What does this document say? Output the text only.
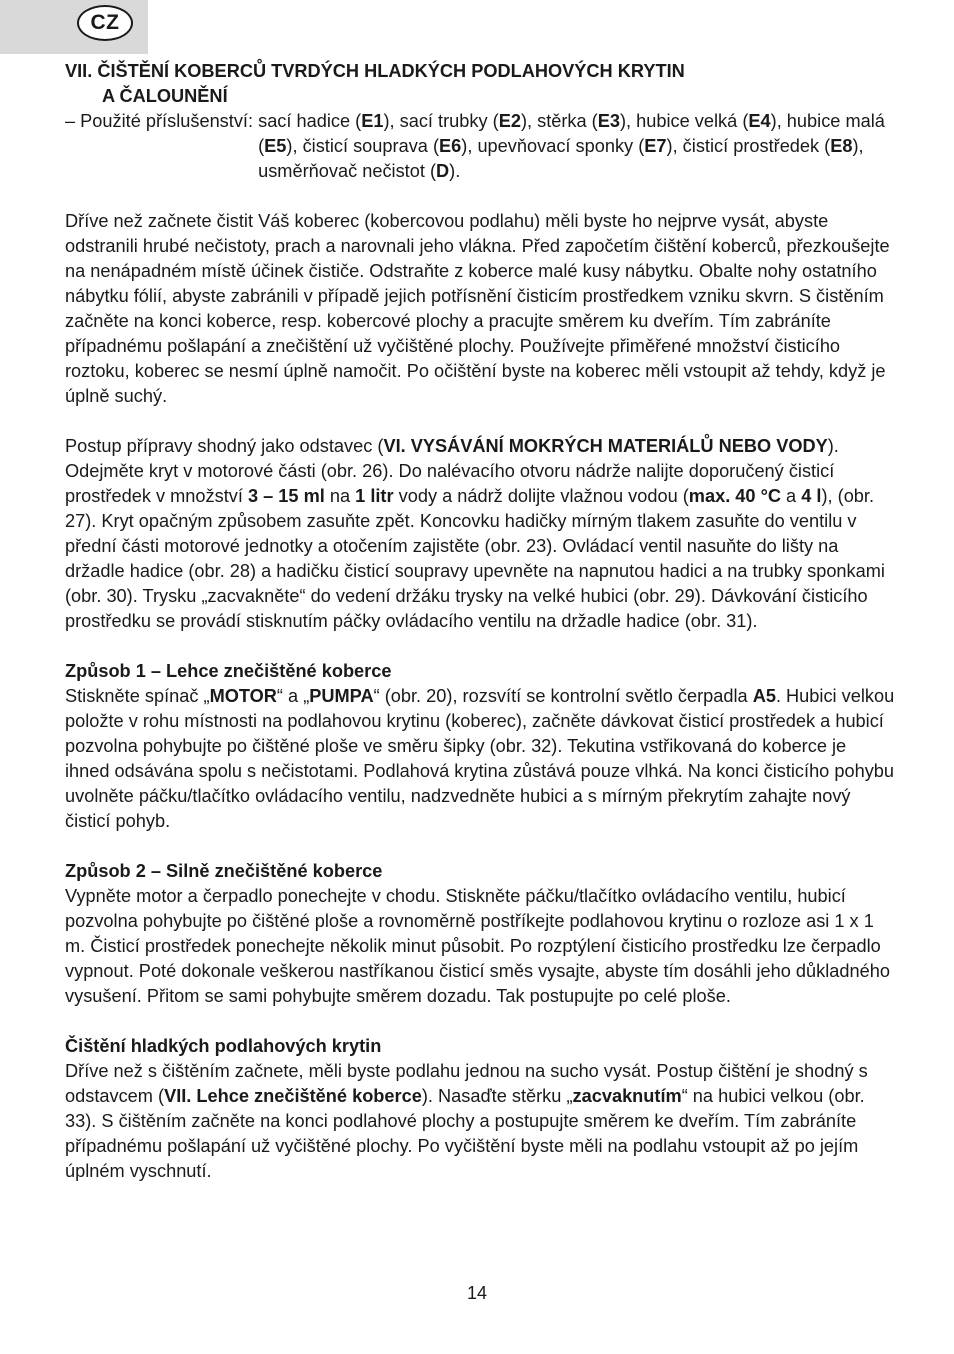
CZ

VII. ČIŠTĚNÍ KOBERCŮ TVRDÝCH HLADKÝCH PODLAHOVÝCH KRYTIN

A ČALOUNĚNÍ

– Použité příslušenství: sací hadice (E1), sací trubky (E2), stěrka (E3), hubice velká (E4), hubice malá (E5), čisticí souprava (E6), upevňovací sponky (E7), čisticí prostředek (E8), usměrňovač nečistot (D).

Dříve než začnete čistit Váš koberec (kobercovou podlahu) měli byste ho nejprve vysát, abyste odstranili hrubé nečistoty, prach a narovnali jeho vlákna. Před započetím čištění koberců, přezkoušejte na nenápadném místě účinek čističe. Odstraňte z koberce malé kusy nábytku. Obalte nohy ostatního nábytku fólií, abyste zabránili v případě jejich potřísnění čisticím prostředkem vzniku skvrn. S čistěním začněte na konci koberce, resp. kobercové plochy a pracujte směrem ku dveřím. Tím zabráníte případnému pošlapání a znečištění už vyčištěné plochy. Používejte přiměřené množství čisticího roztoku, koberec se nesmí úplně namočit. Po očištění byste na koberec měli vstoupit až tehdy, když je úplně suchý.

Postup přípravy shodný jako odstavec (VI. VYSÁVÁNÍ MOKRÝCH MATERIÁLŮ NEBO VODY). Odejměte kryt v motorové části (obr. 26). Do nalévacího otvoru nádrže nalijte doporučený čisticí prostředek v množství 3 – 15 ml na 1 litr vody a nádrž dolijte vlažnou vodou (max. 40 °C a 4 l), (obr. 27). Kryt opačným způsobem zasuňte zpět. Koncovku hadičky mírným tlakem zasuňte do ventilu v přední části motorové jednotky a otočením zajistěte (obr. 23). Ovládací ventil nasuňte do lišty na držadle hadice (obr. 28) a hadičku čisticí soupravy upevněte na napnutou hadici a na trubky sponkami (obr. 30). Trysku „zacvakněte“ do vedení držáku trysky na velké hubici (obr. 29). Dávkování čisticího prostředku se provádí stisknutím páčky ovládacího ventilu na držadle hadice (obr. 31).

Způsob 1 – Lehce znečištěné koberce

Stiskněte spínač „MOTOR“ a „PUMPA“ (obr. 20), rozsvítí se kontrolní světlo čerpadla A5. Hubici velkou položte v rohu místnosti na podlahovou krytinu (koberec), začněte dávkovat čisticí prostředek a hubicí pozvolna pohybujte po čištěné ploše ve směru šipky (obr. 32). Tekutina vstřikovaná do koberce je ihned odsávána spolu s nečistotami. Podlahová krytina zůstává pouze vlhká. Na konci čisticího pohybu uvolněte páčku/tlačítko ovládacího ventilu, nadzvedněte hubici a s mírným překrytím zahajte nový čisticí pohyb.

Způsob 2 – Silně znečištěné koberce

Vypněte motor a čerpadlo ponechejte v chodu. Stiskněte páčku/tlačítko ovládacího ventilu, hubicí pozvolna pohybujte po čištěné ploše a rovnoměrně postříkejte podlahovou krytinu o rozloze asi 1 x 1 m. Čisticí prostředek ponechejte několik minut působit. Po rozptýlení čisticího prostředku lze čerpadlo vypnout. Poté dokonale veškerou nastříkanou čisticí směs vysajte, abyste tím dosáhli jeho důkladného vysušení. Přitom se sami pohybujte směrem dozadu. Tak postupujte po celé ploše.

Čištění hladkých podlahových krytin

Dříve než s čištěním začnete, měli byste podlahu jednou na sucho vysát. Postup čištění je shodný s odstavcem (VII. Lehce znečištěné koberce). Nasaďte stěrku „zacvaknutím“ na hubici velkou (obr. 33). S čištěním začněte na konci podlahové plochy a postupujte směrem ke dveřím. Tím zabráníte případnému pošlapání už vyčištěné plochy. Po vyčištění byste měli na podlahu vstoupit až po jejím úplném vyschnutí.

14
